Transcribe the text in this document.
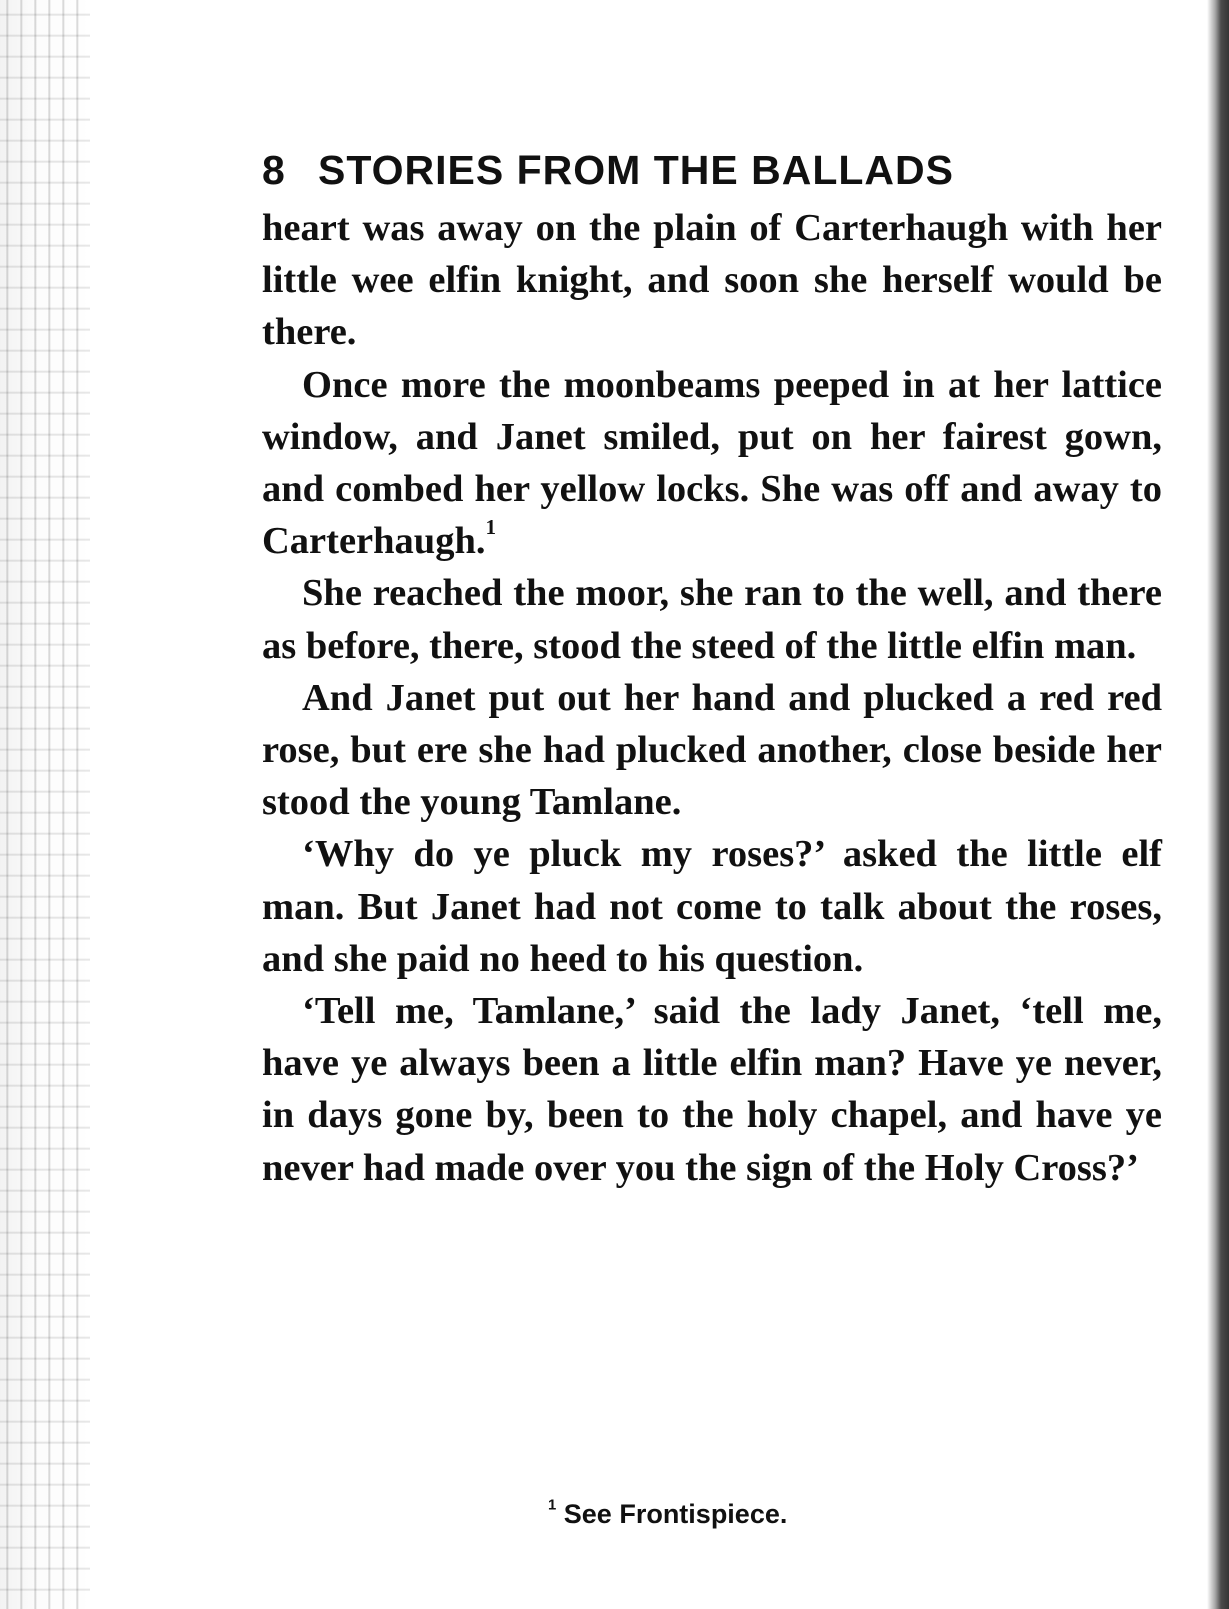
8 STORIES FROM THE BALLADS

heart was away on the plain of Carterhaugh with her little wee elfin knight, and soon she herself would be there.

Once more the moonbeams peeped in at her lattice window, and Janet smiled, put on her fairest gown, and combed her yellow locks. She was off and away to Carterhaugh.$^1$

She reached the moor, she ran to the well, and there as before, there, stood the steed of the little elfin man.

And Janet put out her hand and plucked a red red rose, but ere she had plucked another, close beside her stood the young Tamlane.

‘Why do ye pluck my roses?’ asked the little elf man. But Janet had not come to talk about the roses, and she paid no heed to his question.

‘Tell me, Tamlane,’ said the lady Janet, ‘tell me, have ye always been a little elfin man? Have ye never, in days gone by, been to the holy chapel, and have ye never had made over you the sign of the Holy Cross?’

$^1$ See Frontispiece.
